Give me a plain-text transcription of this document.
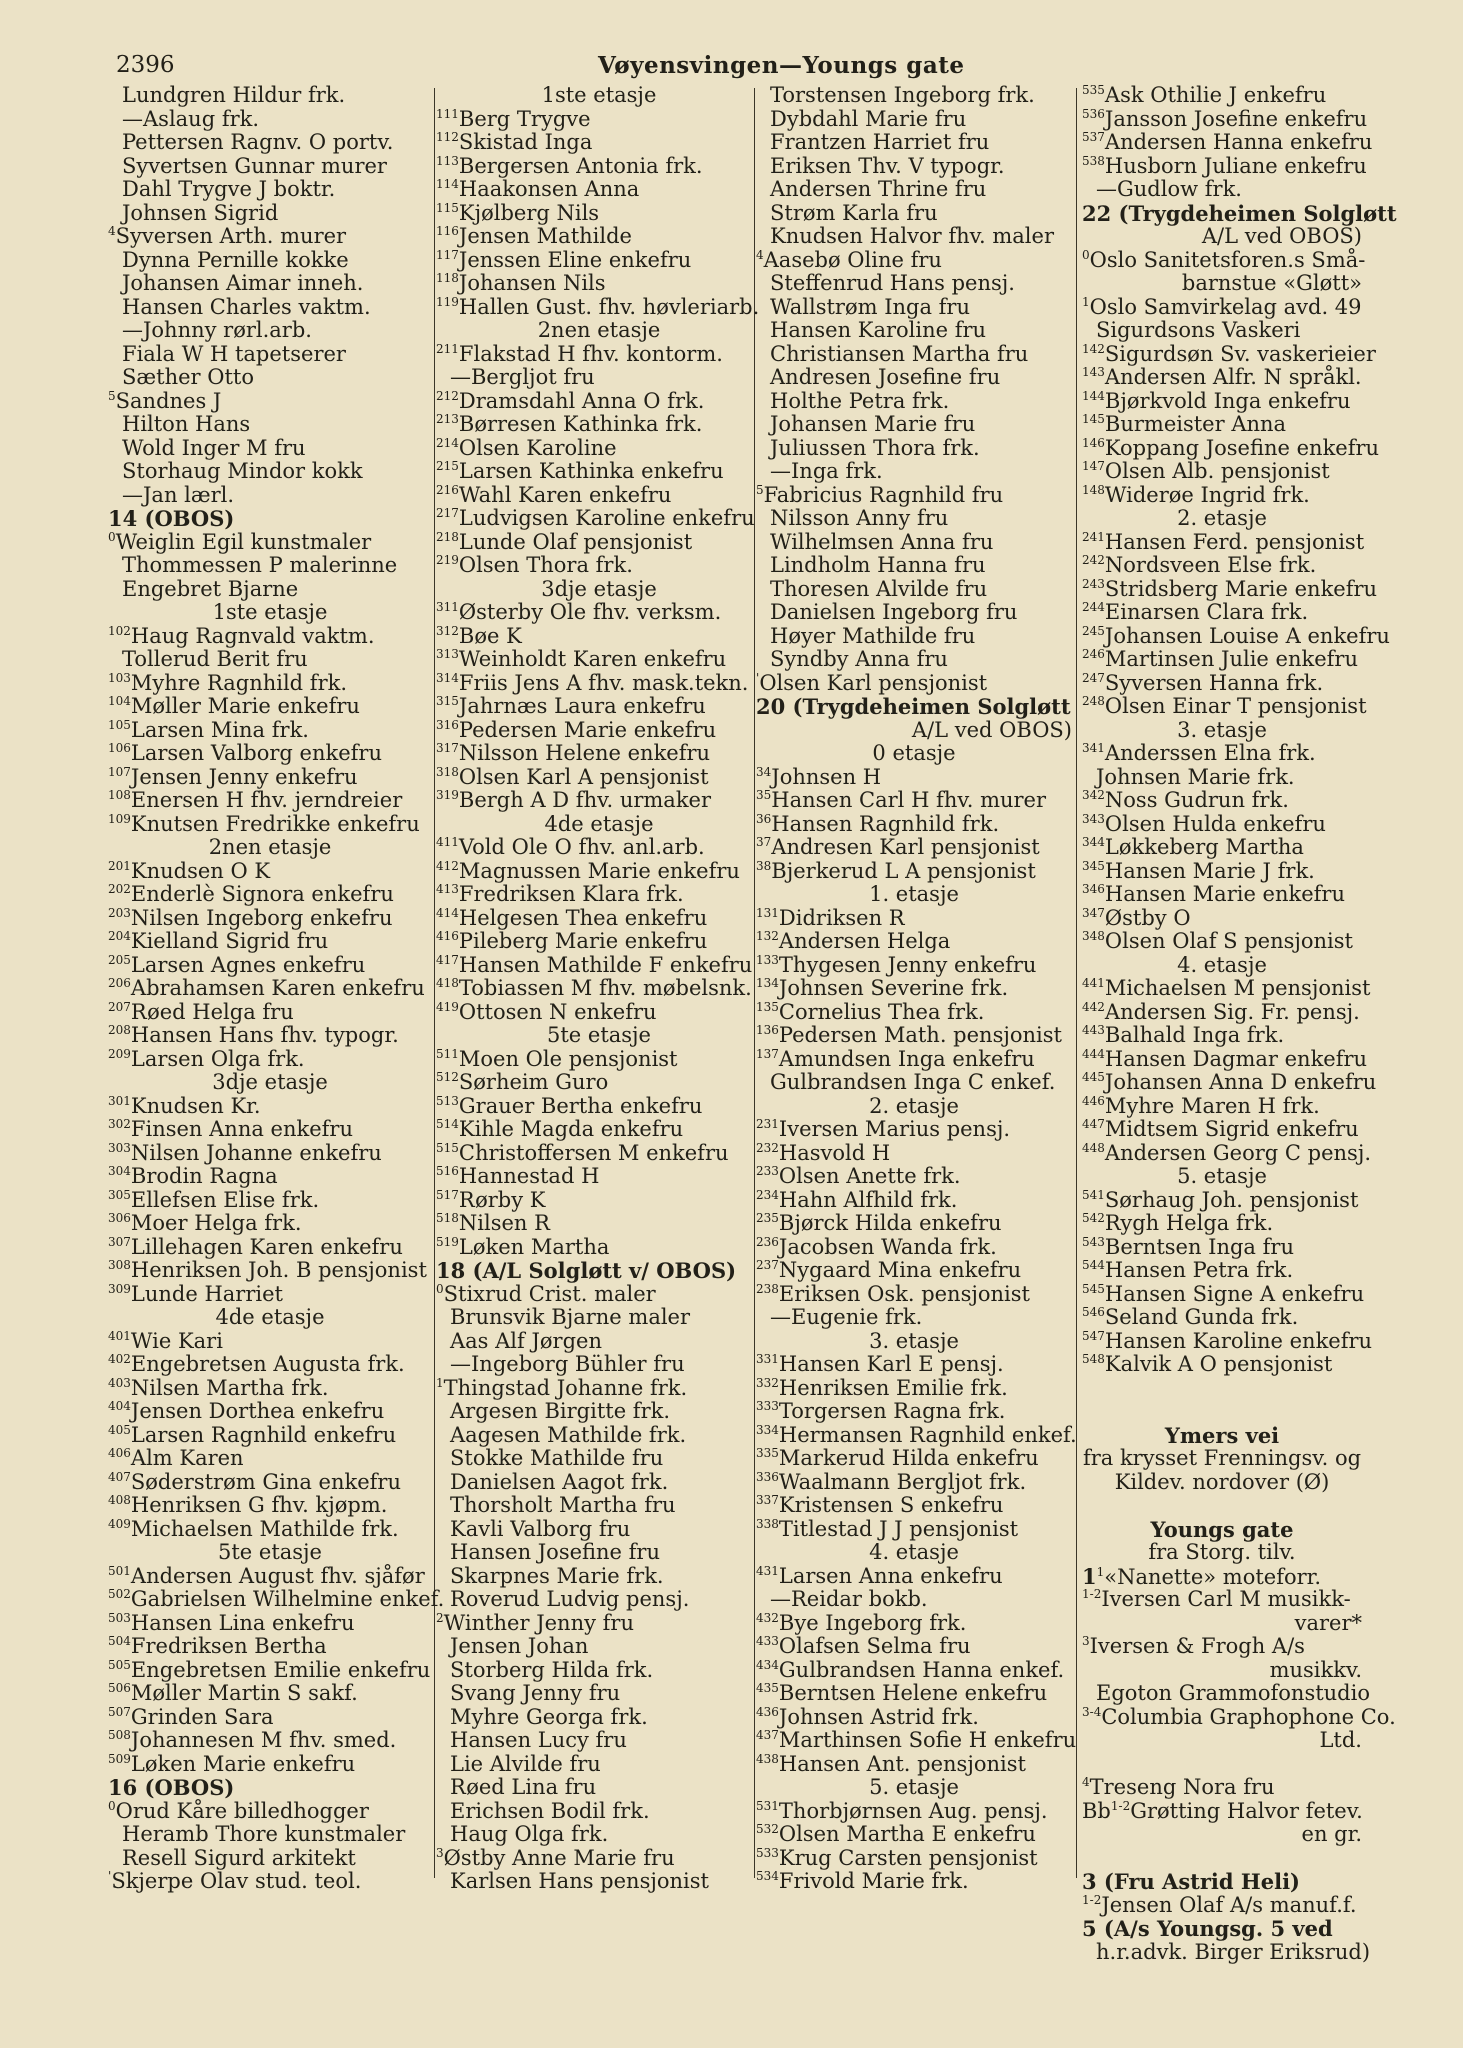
2396	Vøyensvingen—Youngs gate
Lundgren Hildur frk.
—Aslaug frk.
Pettersen Ragnv. O portv.
Syvertsen Gunnar murer
Dahl Trygve J boktr.
Johnsen Sigrid
$^4$Syversen Arth. murer
Dynna Pernille kokke
Johansen Aimar inneh.
Hansen Charles vaktm.
—Johnny rørl.arb.
Fiala W H tapetserer
Sæther Otto
$^5$Sandnes J
Hilton Hans
Wold Inger M fru
Storhaug Mindor kokk
—Jan lærl.
14 (OBOS)
$^0$Weiglin Egil kunstmaler
Thommessen P malerinne
Engebret Bjarne
1ste etasje
$^{102}$Haug Ragnvald vaktm.
Tollerud Berit fru
$^{103}$Myhre Ragnhild frk.
$^{104}$Møller Marie enkefru
$^{105}$Larsen Mina frk.
$^{106}$Larsen Valborg enkefru
$^{107}$Jensen Jenny enkefru
$^{108}$Enersen H fhv. jerndreier
$^{109}$Knutsen Fredrikke enkefru
2nen etasje
$^{201}$Knudsen O K
$^{202}$Enderlè Signora enkefru
$^{203}$Nilsen Ingeborg enkefru
$^{204}$Kielland Sigrid fru
$^{205}$Larsen Agnes enkefru
$^{206}$Abrahamsen Karen enkefru
$^{207}$Røed Helga fru
$^{208}$Hansen Hans fhv. typogr.
$^{209}$Larsen Olga frk.
3dje etasje
$^{301}$Knudsen Kr.
$^{302}$Finsen Anna enkefru
$^{303}$Nilsen Johanne enkefru
$^{304}$Brodin Ragna
$^{305}$Ellefsen Elise frk.
$^{306}$Moer Helga frk.
$^{307}$Lillehagen Karen enkefru
$^{308}$Henriksen Joh. B pensjonist
$^{309}$Lunde Harriet
4de etasje
$^{401}$Wie Kari
$^{402}$Engebretsen Augusta frk.
$^{403}$Nilsen Martha frk.
$^{404}$Jensen Dorthea enkefru
$^{405}$Larsen Ragnhild enkefru
$^{406}$Alm Karen
$^{407}$Søderstrøm Gina enkefru
$^{408}$Henriksen G fhv. kjøpm.
$^{409}$Michaelsen Mathilde frk.
5te etasje
$^{501}$Andersen August fhv. sjåfør
$^{502}$Gabrielsen Wilhelmine enkef.
$^{503}$Hansen Lina enkefru
$^{504}$Fredriksen Bertha
$^{505}$Engebretsen Emilie enkefru
$^{506}$Møller Martin S sakf.
$^{507}$Grinden Sara
$^{508}$Johannesen M fhv. smed.
$^{509}$Løken Marie enkefru
16 (OBOS)
$^0$Orud Kåre billedhogger
Heramb Thore kunstmaler
Resell Sigurd arkitekt
'Skjerpe Olav stud. teol.
1ste etasje
$^{111}$Berg Trygve
$^{112}$Skistad Inga
$^{113}$Bergersen Antonia frk.
$^{114}$Haakonsen Anna
$^{115}$Kjølberg Nils
$^{116}$Jensen Mathilde
$^{117}$Jenssen Eline enkefru
$^{118}$Johansen Nils
$^{119}$Hallen Gust. fhv. høvleriarb.
2nen etasje
$^{211}$Flakstad H fhv. kontorm.
—Bergljot fru
$^{212}$Dramsdahl Anna O frk.
$^{213}$Børresen Kathinka frk.
$^{214}$Olsen Karoline
$^{215}$Larsen Kathinka enkefru
$^{216}$Wahl Karen enkefru
$^{217}$Ludvigsen Karoline enkefru
$^{218}$Lunde Olaf pensjonist
$^{219}$Olsen Thora frk.
3dje etasje
$^{311}$Østerby Ole fhv. verksm.
$^{312}$Bøe K
$^{313}$Weinholdt Karen enkefru
$^{314}$Friis Jens A fhv. mask.tekn.
$^{315}$Jahrnæs Laura enkefru
$^{316}$Pedersen Marie enkefru
$^{317}$Nilsson Helene enkefru
$^{318}$Olsen Karl A pensjonist
$^{319}$Bergh A D fhv. urmaker
4de etasje
$^{411}$Vold Ole O fhv. anl.arb.
$^{412}$Magnussen Marie enkefru
$^{413}$Fredriksen Klara frk.
$^{414}$Helgesen Thea enkefru
$^{416}$Pileberg Marie enkefru
$^{417}$Hansen Mathilde F enkefru
$^{418}$Tobiassen M fhv. møbelsnk.
$^{419}$Ottosen N enkefru
5te etasje
$^{511}$Moen Ole pensjonist
$^{512}$Sørheim Guro
$^{513}$Grauer Bertha enkefru
$^{514}$Kihle Magda enkefru
$^{515}$Christoffersen M enkefru
$^{516}$Hannestad H
$^{517}$Rørby K
$^{518}$Nilsen R
$^{519}$Løken Martha
18 (A/L Solgløtt v/ OBOS)
$^0$Stixrud Crist. maler
Brunsvik Bjarne maler
Aas Alf Jørgen
—Ingeborg Bühler fru
$^1$Thingstad Johanne frk.
Argesen Birgitte frk.
Aagesen Mathilde frk.
Stokke Mathilde fru
Danielsen Aagot frk.
Thorsholt Martha fru
Kavli Valborg fru
Hansen Josefine fru
Skarpnes Marie frk.
Roverud Ludvig pensj.
$^2$Winther Jenny fru
Jensen Johan
Storberg Hilda frk.
Svang Jenny fru
Myhre Georga frk.
Hansen Lucy fru
Lie Alvilde fru
Røed Lina fru
Erichsen Bodil frk.
Haug Olga frk.
$^3$Østby Anne Marie fru
Karlsen Hans pensjonist
Torstensen Ingeborg frk.
Dybdahl Marie fru
Frantzen Harriet fru
Eriksen Thv. V typogr.
Andersen Thrine fru
Strøm Karla fru
Knudsen Halvor fhv. maler
$^4$Aasebø Oline fru
Steffenrud Hans pensj.
Wallstrøm Inga fru
Hansen Karoline fru
Christiansen Martha fru
Andresen Josefine fru
Holthe Petra frk.
Johansen Marie fru
Juliussen Thora frk.
—Inga frk.
$^5$Fabricius Ragnhild fru
Nilsson Anny fru
Wilhelmsen Anna fru
Lindholm Hanna fru
Thoresen Alvilde fru
Danielsen Ingeborg fru
Høyer Mathilde fru
Syndby Anna fru
'Olsen Karl pensjonist
20 (Trygdeheimen Solgløtt
A/L ved OBOS)
0 etasje
$^{34}$Johnsen H
$^{35}$Hansen Carl H fhv. murer
$^{36}$Hansen Ragnhild frk.
$^{37}$Andresen Karl pensjonist
$^{38}$Bjerkerud L A pensjonist
1. etasje
$^{131}$Didriksen R
$^{132}$Andersen Helga
$^{133}$Thygesen Jenny enkefru
$^{134}$Johnsen Severine frk.
$^{135}$Cornelius Thea frk.
$^{136}$Pedersen Math. pensjonist
$^{137}$Amundsen Inga enkefru
Gulbrandsen Inga C enkef.
2. etasje
$^{231}$Iversen Marius pensj.
$^{232}$Hasvold H
$^{233}$Olsen Anette frk.
$^{234}$Hahn Alfhild frk.
$^{235}$Bjørck Hilda enkefru
$^{236}$Jacobsen Wanda frk.
$^{237}$Nygaard Mina enkefru
$^{238}$Eriksen Osk. pensjonist
—Eugenie frk.
3. etasje
$^{331}$Hansen Karl E pensj.
$^{332}$Henriksen Emilie frk.
$^{333}$Torgersen Ragna frk.
$^{334}$Hermansen Ragnhild enkef.
$^{335}$Markerud Hilda enkefru
$^{336}$Waalmann Bergljot frk.
$^{337}$Kristensen S enkefru
$^{338}$Titlestad J J pensjonist
4. etasje
$^{431}$Larsen Anna enkefru
—Reidar bokb.
$^{432}$Bye Ingeborg frk.
$^{433}$Olafsen Selma fru
$^{434}$Gulbrandsen Hanna enkef.
$^{435}$Berntsen Helene enkefru
$^{436}$Johnsen Astrid frk.
$^{437}$Marthinsen Sofie H enkefru
$^{438}$Hansen Ant. pensjonist
5. etasje
$^{531}$Thorbjørnsen Aug. pensj.
$^{532}$Olsen Martha E enkefru
$^{533}$Krug Carsten pensjonist
$^{534}$Frivold Marie frk.
$^{535}$Ask Othilie J enkefru
$^{536}$Jansson Josefine enkefru
$^{537}$Andersen Hanna enkefru
$^{538}$Husborn Juliane enkefru
—Gudlow frk.
22 (Trygdeheimen Solgløtt
A/L ved OBOS)
$^0$Oslo Sanitetsforen.s Små-
barnstue «Gløtt»
$^1$Oslo Samvirkelag avd. 49
Sigurdsons Vaskeri
$^{142}$Sigurdsøn Sv. vaskerieier
$^{143}$Andersen Alfr. N språkl.
$^{144}$Bjørkvold Inga enkefru
$^{145}$Burmeister Anna
$^{146}$Koppang Josefine enkefru
$^{147}$Olsen Alb. pensjonist
$^{148}$Widerøe Ingrid frk.
2. etasje
$^{241}$Hansen Ferd. pensjonist
$^{242}$Nordsveen Else frk.
$^{243}$Stridsberg Marie enkefru
$^{244}$Einarsen Clara frk.
$^{245}$Johansen Louise A enkefru
$^{246}$Martinsen Julie enkefru
$^{247}$Syversen Hanna frk.
$^{248}$Olsen Einar T pensjonist
3. etasje
$^{341}$Anderssen Elna frk.
Johnsen Marie frk.
$^{342}$Noss Gudrun frk.
$^{343}$Olsen Hulda enkefru
$^{344}$Løkkeberg Martha
$^{345}$Hansen Marie J frk.
$^{346}$Hansen Marie enkefru
$^{347}$Østby O
$^{348}$Olsen Olaf S pensjonist
4. etasje
$^{441}$Michaelsen M pensjonist
$^{442}$Andersen Sig. Fr. pensj.
$^{443}$Balhald Inga frk.
$^{444}$Hansen Dagmar enkefru
$^{445}$Johansen Anna D enkefru
$^{446}$Myhre Maren H frk.
$^{447}$Midtsem Sigrid enkefru
$^{448}$Andersen Georg C pensj.
5. etasje
$^{541}$Sørhaug Joh. pensjonist
$^{542}$Rygh Helga frk.
$^{543}$Berntsen Inga fru
$^{544}$Hansen Petra frk.
$^{545}$Hansen Signe A enkefru
$^{546}$Seland Gunda frk.
$^{547}$Hansen Karoline enkefru
$^{548}$Kalvik A O pensjonist
Ymers vei
fra krysset Frenningsv. og
Kildev. nordover (Ø)
Youngs gate
fra Storg. tilv.
$1^1«Nanette$» moteforr.
$^{1-2}$Iversen Carl M musikk-
varer*
$^3$Iversen & Frogh A/s
musikkv.
Egoton Grammofonstudio
$^{3-4}$Columbia Graphophone Co.
Ltd.
$^4$Treseng Nora fru
Bb$^{1-2}$Grøtting Halvor fetev.
en gr.
3 (Fru Astrid Heli)
$^{1-2}$Jensen Olaf A/s manuf.f.
5 (A/s Youngsg. 5 ved
h.r.advk. Birger Eriksrud)
